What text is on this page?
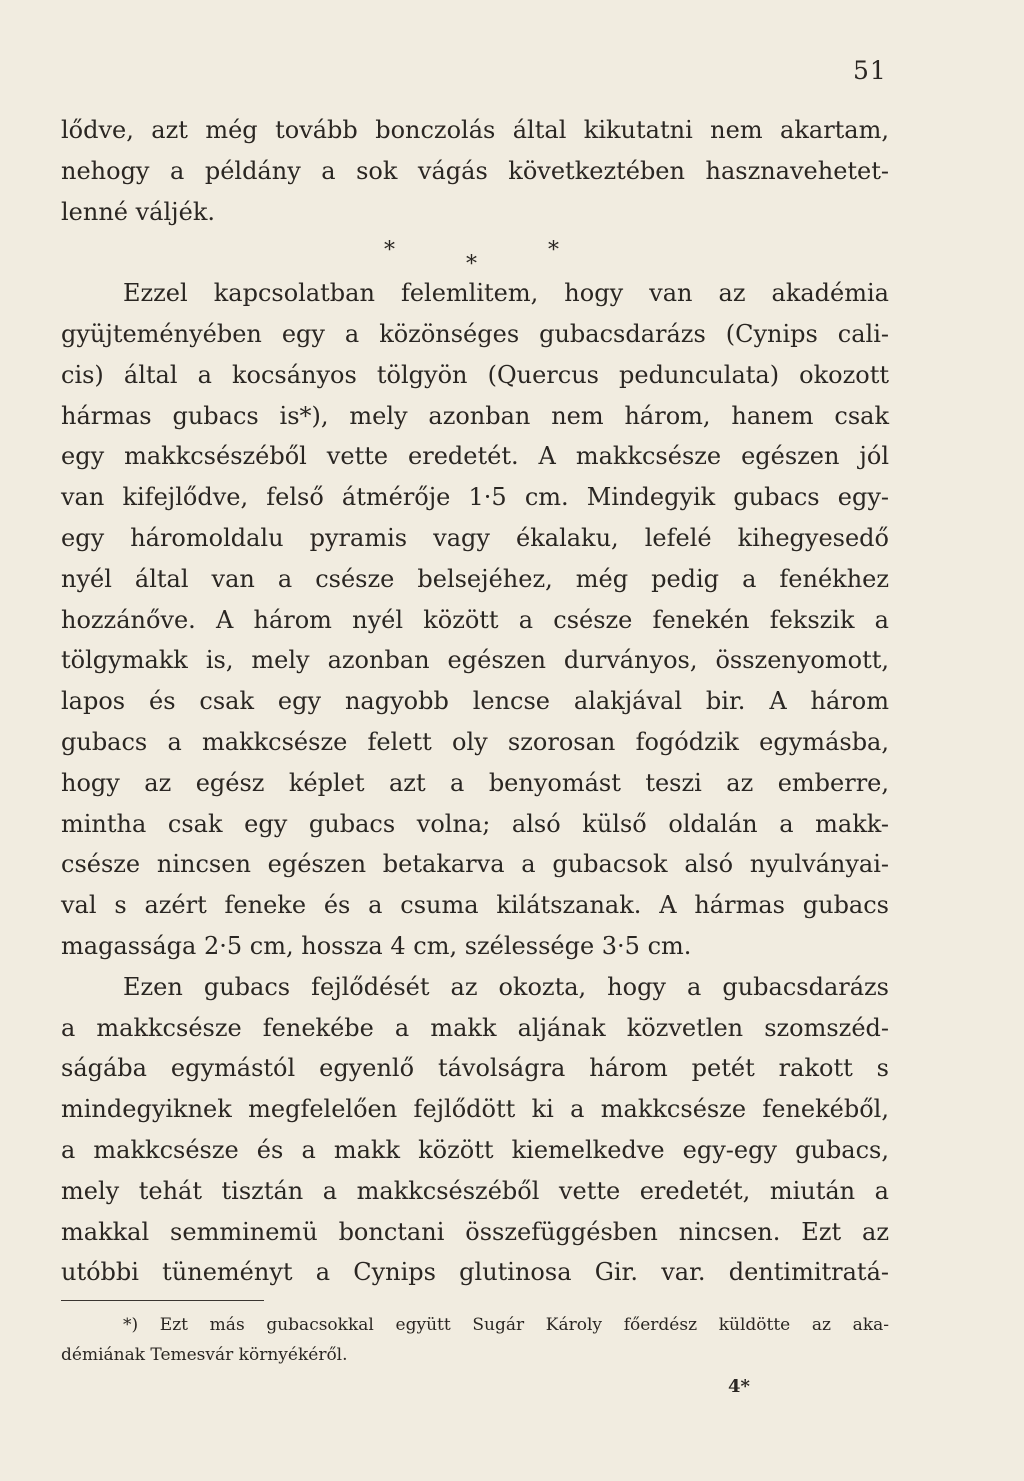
51
lődve, azt még tovább bonczolás által kikutatni nem akartam,
nehogy a példány a sok vágás következtében hasznavehetet-
lenné váljék.
Ezzel kapcsolatban felemlitem, hogy van az akadémia
gyüjteményében egy a közönséges gubacsdarázs (Cynips cali-
cis) által a kocsányos tölgyön (Quercus pedunculata) okozott
hármas gubacs is*), mely azonban nem három, hanem csak
egy makkcsészéből vette eredetét. A makkcsésze egészen jól
van kifejlődve, felső átmérője 1·5 cm. Mindegyik gubacs egy-
egy háromoldalu pyramis vagy ékalaku, lefelé kihegyesedő
nyél által van a csésze belsejéhez, még pedig a fenékhez
hozzánőve. A három nyél között a csésze fenekén fekszik a
tölgymakk is, mely azonban egészen durványos, összenyomott,
lapos és csak egy nagyobb lencse alakjával bir. A három
gubacs a makkcsésze felett oly szorosan fogódzik egymásba,
hogy az egész képlet azt a benyomást teszi az emberre,
mintha csak egy gubacs volna; alsó külső oldalán a makk-
csésze nincsen egészen betakarva a gubacsok alsó nyulványai-
val s azért feneke és a csuma kilátszanak. A hármas gubacs
magassága 2·5 cm, hossza 4 cm, szélessége 3·5 cm.
Ezen gubacs fejlődését az okozta, hogy a gubacsdarázs
a makkcsésze fenekébe a makk aljának közvetlen szomszéd-
ságába egymástól egyenlő távolságra három petét rakott s
mindegyiknek megfelelően fejlődött ki a makkcsésze fenekéből,
a makkcsésze és a makk között kiemelkedve egy-egy gubacs,
mely tehát tisztán a makkcsészéből vette eredetét, miután a
makkal semminemü bonctani összefüggésben nincsen. Ezt az
utóbbi tüneményt a Cynips glutinosa Gir. var. dentimitratá-
*
*
*
*) Ezt más gubacsokkal együtt Sugár Károly főerdész küldötte az aka-
démiának Temesvár környékéről.
4*
